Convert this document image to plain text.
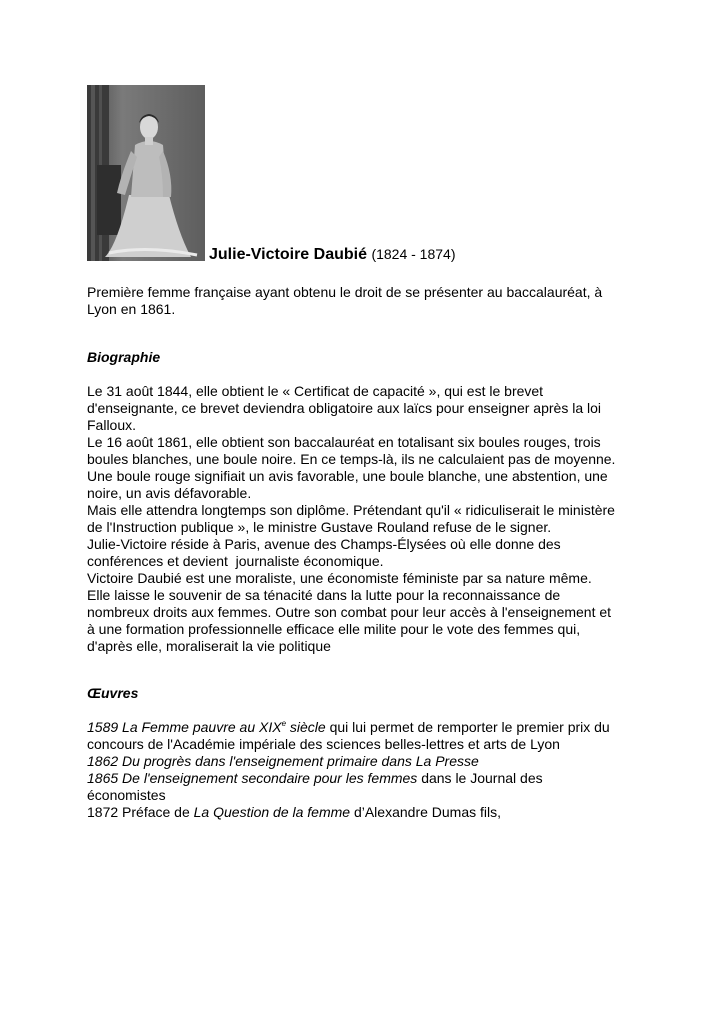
Julie-Victoire Daubié (1824 - 1874)

Première femme française ayant obtenu le droit de se présenter au baccalauréat, à Lyon en 1861.

Biographie
Le 31 août 1844, elle obtient le « Certificat de capacité », qui est le brevet
d'enseignante, ce brevet deviendra obligatoire aux laïcs pour enseigner après la loi
Falloux.
Le 16 août 1861, elle obtient son baccalauréat en totalisant six boules rouges, trois
boules blanches, une boule noire. En ce temps-là, ils ne calculaient pas de moyenne.
Une boule rouge signifiait un avis favorable, une boule blanche, une abstention, une
noire, un avis défavorable.
Mais elle attendra longtemps son diplôme. Prétendant qu'il « ridiculiserait le ministère
de l'Instruction publique », le ministre Gustave Rouland refuse de le signer.
Julie-Victoire réside à Paris, avenue des Champs-Élysées où elle donne des
conférences et devient  journaliste économique.
Victoire Daubié est une moraliste, une économiste féministe par sa nature même.
Elle laisse le souvenir de sa ténacité dans la lutte pour la reconnaissance de
nombreux droits aux femmes. Outre son combat pour leur accès à l'enseignement et
à une formation professionnelle efficace elle milite pour le vote des femmes qui,
d'après elle, moraliserait la vie politique
Œuvres
1589 La Femme pauvre au XIXe siècle qui lui permet de remporter le premier prix du
concours de l'Académie impériale des sciences belles-lettres et arts de Lyon
1862 Du progrès dans l'enseignement primaire dans La Presse
1865 De l'enseignement secondaire pour les femmes dans le Journal des
économistes
1872 Préface de La Question de la femme d’Alexandre Dumas fils,
